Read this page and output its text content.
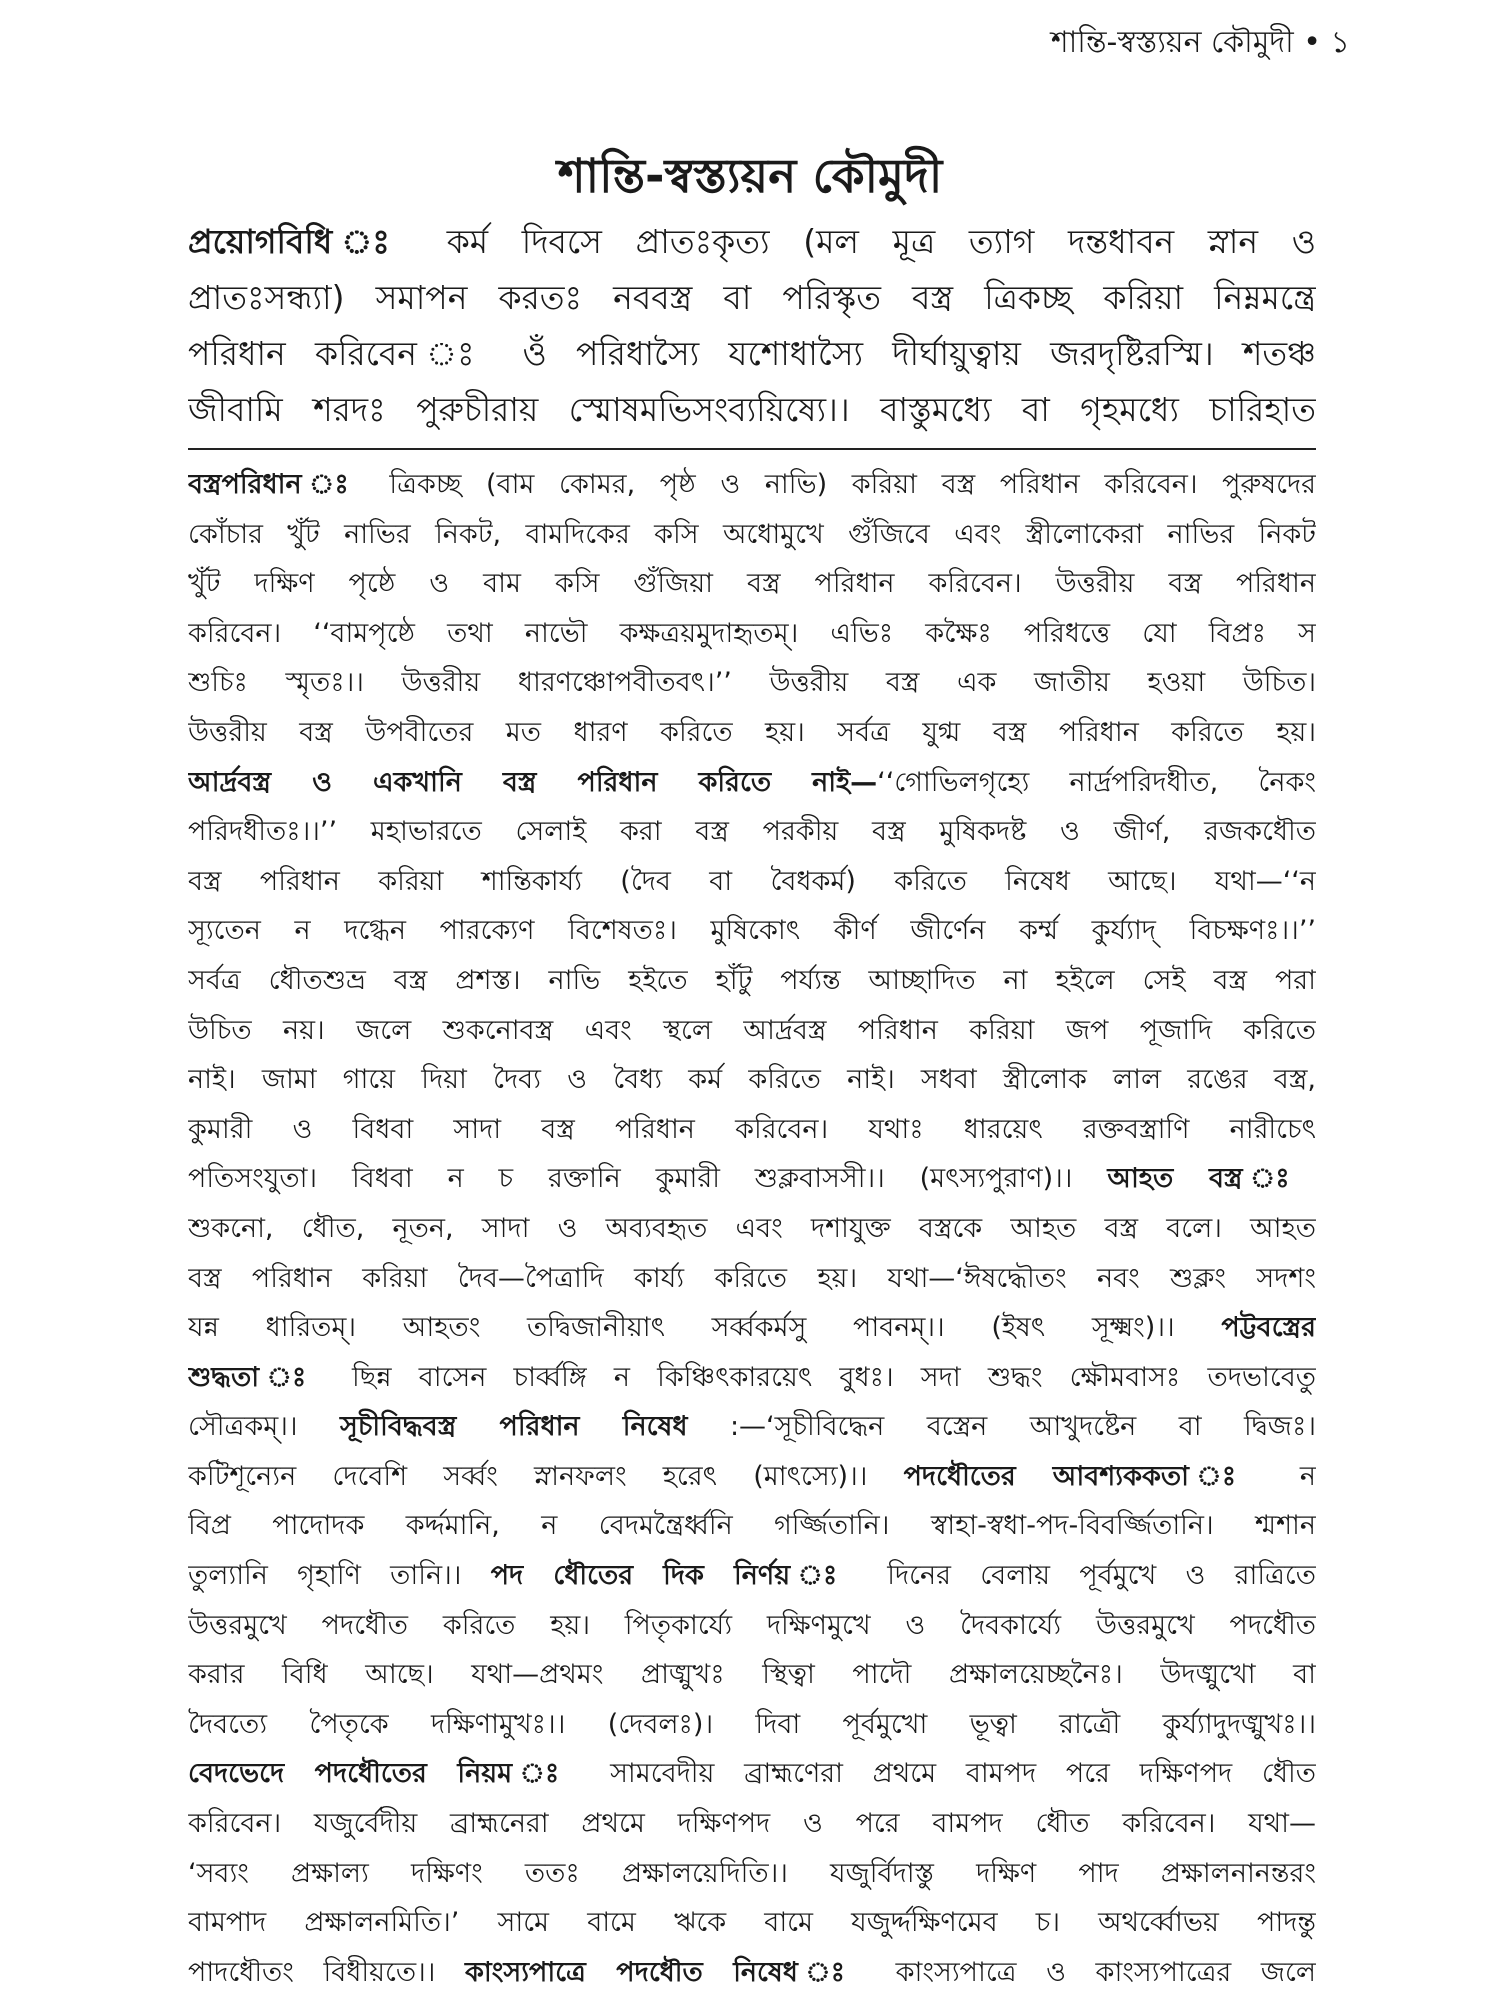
শান্তি-স্বস্ত্যয়ন কৌমুদী • ১
শান্তি-স্বস্ত্যয়ন কৌমুদী
প্রয়োগবিধি ঃ কর্ম দিবসে প্রাতঃকৃত্য (মল মূত্র ত্যাগ দন্তধাবন স্নান ও
প্রাতঃসন্ধ্যা) সমাপন করতঃ নববস্ত্র বা পরিস্কৃত বস্ত্র ত্রিকচ্ছ করিয়া নিম্নমন্ত্রে
পরিধান করিবেন ঃ ওঁ পরিধাস্যৈ যশোধাস্যৈ দীর্ঘায়ুত্বায় জরদৃষ্টিরস্মি। শতঞ্চ
জীবামি শরদঃ পুরুচীরায় স্মোষমভিসংব্যয়িষ্যে।। বাস্তুমধ্যে বা গৃহমধ্যে চারিহাত
বস্ত্রপরিধান ঃ ত্রিকচ্ছ (বাম কোমর, পৃষ্ঠ ও নাভি) করিয়া বস্ত্র পরিধান করিবেন। পুরুষদের
কোঁচার খুঁট নাভির নিকট, বামদিকের কসি অধোমুখে গুঁজিবে এবং স্ত্রীলোকেরা নাভির নিকট
খুঁট দক্ষিণ পৃষ্ঠে ও বাম কসি গুঁজিয়া বস্ত্র পরিধান করিবেন। উত্তরীয় বস্ত্র পরিধান
করিবেন। ‘‘বামপৃষ্ঠে তথা নাভৌ কক্ষত্রয়মুদাহৃতম্। এভিঃ কক্ষৈঃ পরিধত্তে যো বিপ্রঃ স
শুচিঃ স্মৃতঃ।। উত্তরীয় ধারণঞ্চোপবীতবৎ।’’ উত্তরীয় বস্ত্র এক জাতীয় হওয়া উচিত।
উত্তরীয় বস্ত্র উপবীতের মত ধারণ করিতে হয়। সর্বত্র যুগ্ম বস্ত্র পরিধান করিতে হয়।
আর্দ্রবস্ত্র ও একখানি বস্ত্র পরিধান করিতে নাই—‘‘গোভিলগৃহ্যে নার্দ্রপরিদধীত, নৈকং
পরিদধীতঃ।।’’ মহাভারতে সেলাই করা বস্ত্র পরকীয় বস্ত্র মুষিকদষ্ট ও জীর্ণ, রজকধৌত
বস্ত্র পরিধান করিয়া শান্তিকার্য্য (দৈব বা বৈধকর্ম) করিতে নিষেধ আছে। যথা—‘‘ন
স্যূতেন ন দগ্ধেন পারক্যেণ বিশেষতঃ। মুষিকোৎ কীর্ণ জীর্ণেন কর্ম্ম কুর্য্যাদ্ বিচক্ষণঃ।।’’
সর্বত্র ধৌতশুভ্র বস্ত্র প্রশস্ত। নাভি হইতে হাঁটু পর্য্যন্ত আচ্ছাদিত না হইলে সেই বস্ত্র পরা
উচিত নয়। জলে শুকনোবস্ত্র এবং স্থলে আর্দ্রবস্ত্র পরিধান করিয়া জপ পূজাদি করিতে
নাই। জামা গায়ে দিয়া দৈব্য ও বৈধ্য কর্ম করিতে নাই। সধবা স্ত্রীলোক লাল রঙের বস্ত্র,
কুমারী ও বিধবা সাদা বস্ত্র পরিধান করিবেন। যথাঃ ধারয়েৎ রক্তবস্ত্রাণি নারীচেৎ
পতিসংযুতা। বিধবা ন চ রক্তানি কুমারী শুক্লবাসসী।। (মৎস্যপুরাণ)।। আহত বস্ত্র ঃ
শুকনো, ধৌত, নূতন, সাদা ও অব্যবহৃত এবং দশাযুক্ত বস্ত্রকে আহত বস্ত্র বলে। আহত
বস্ত্র পরিধান করিয়া দৈব—পৈত্রাদি কার্য্য করিতে হয়। যথা—‘ঈষদ্ধৌতং নবং শুক্লং সদশং
যন্ন ধারিতম্। আহতং তদ্বিজানীয়াৎ সর্ব্বকর্মসু পাবনম্।। (ইষৎ সূক্ষ্মং)।। পট্টবস্ত্রের
শুদ্ধতা ঃ ছিন্ন বাসেন চার্ব্বঙ্গি ন কিঞ্চিৎকারয়েৎ বুধঃ। সদা শুদ্ধং ক্ষৌমবাসঃ তদভাবেতু
সৌত্রকম্।। সূচীবিদ্ধবস্ত্র পরিধান নিষেধ :—‘সূচীবিদ্ধেন বস্ত্রেন আখুদষ্টেন বা দ্বিজঃ।
কটিশূন্যেন দেবেশি সর্ব্বং স্নানফলং হরেৎ (মাৎস্যে)।। পদধৌতের আবশ্যককতা ঃ ন
বিপ্র পাদোদক কর্দ্দমানি, ন বেদমন্ত্রৈর্ধ্বনি গর্জ্জিতানি। স্বাহা-স্বধা-পদ-বিবর্জ্জিতানি। শ্মশান
তুল্যানি গৃহাণি তানি।। পদ ধৌতের দিক নির্ণয় ঃ দিনের বেলায় পূর্বমুখে ও রাত্রিতে
উত্তরমুখে পদধৌত করিতে হয়। পিতৃকার্য্যে দক্ষিণমুখে ও দৈবকার্য্যে উত্তরমুখে পদধৌত
করার বিধি আছে। যথা—প্রথমং প্রাঙ্মুখঃ স্থিত্বা পাদৌ প্রক্ষালয়েচ্ছনৈঃ। উদঙ্মুখো বা
দৈবত্যে পৈতৃকে দক্ষিণামুখঃ।। (দেবলঃ)। দিবা পূর্বমুখো ভূত্বা রাত্রৌ কুর্য্যাদুদঙ্মুখঃ।।
বেদভেদে পদধৌতের নিয়ম ঃ সামবেদীয় ব্রাহ্মণেরা প্রথমে বামপদ পরে দক্ষিণপদ ধৌত
করিবেন। যজুর্বেদীয় ব্রাহ্মনেরা প্রথমে দক্ষিণপদ ও পরে বামপদ ধৌত করিবেন। যথা—
‘সব্যং প্রক্ষাল্য দক্ষিণং ততঃ প্রক্ষালয়েদিতি।। যজুর্বিদাস্তু দক্ষিণ পাদ প্রক্ষালনানন্তরং
বামপাদ প্রক্ষালনমিতি।’ সামে বামে ঋকে বামে যজুর্দ্দক্ষিণমেব চ। অথর্ব্বোভয় পাদন্তু
পাদধৌতং বিধীয়তে।। কাংস্যপাত্রে পদধৌত নিষেধ ঃ কাংস্যপাত্রে ও কাংস্যপাত্রের জলে
